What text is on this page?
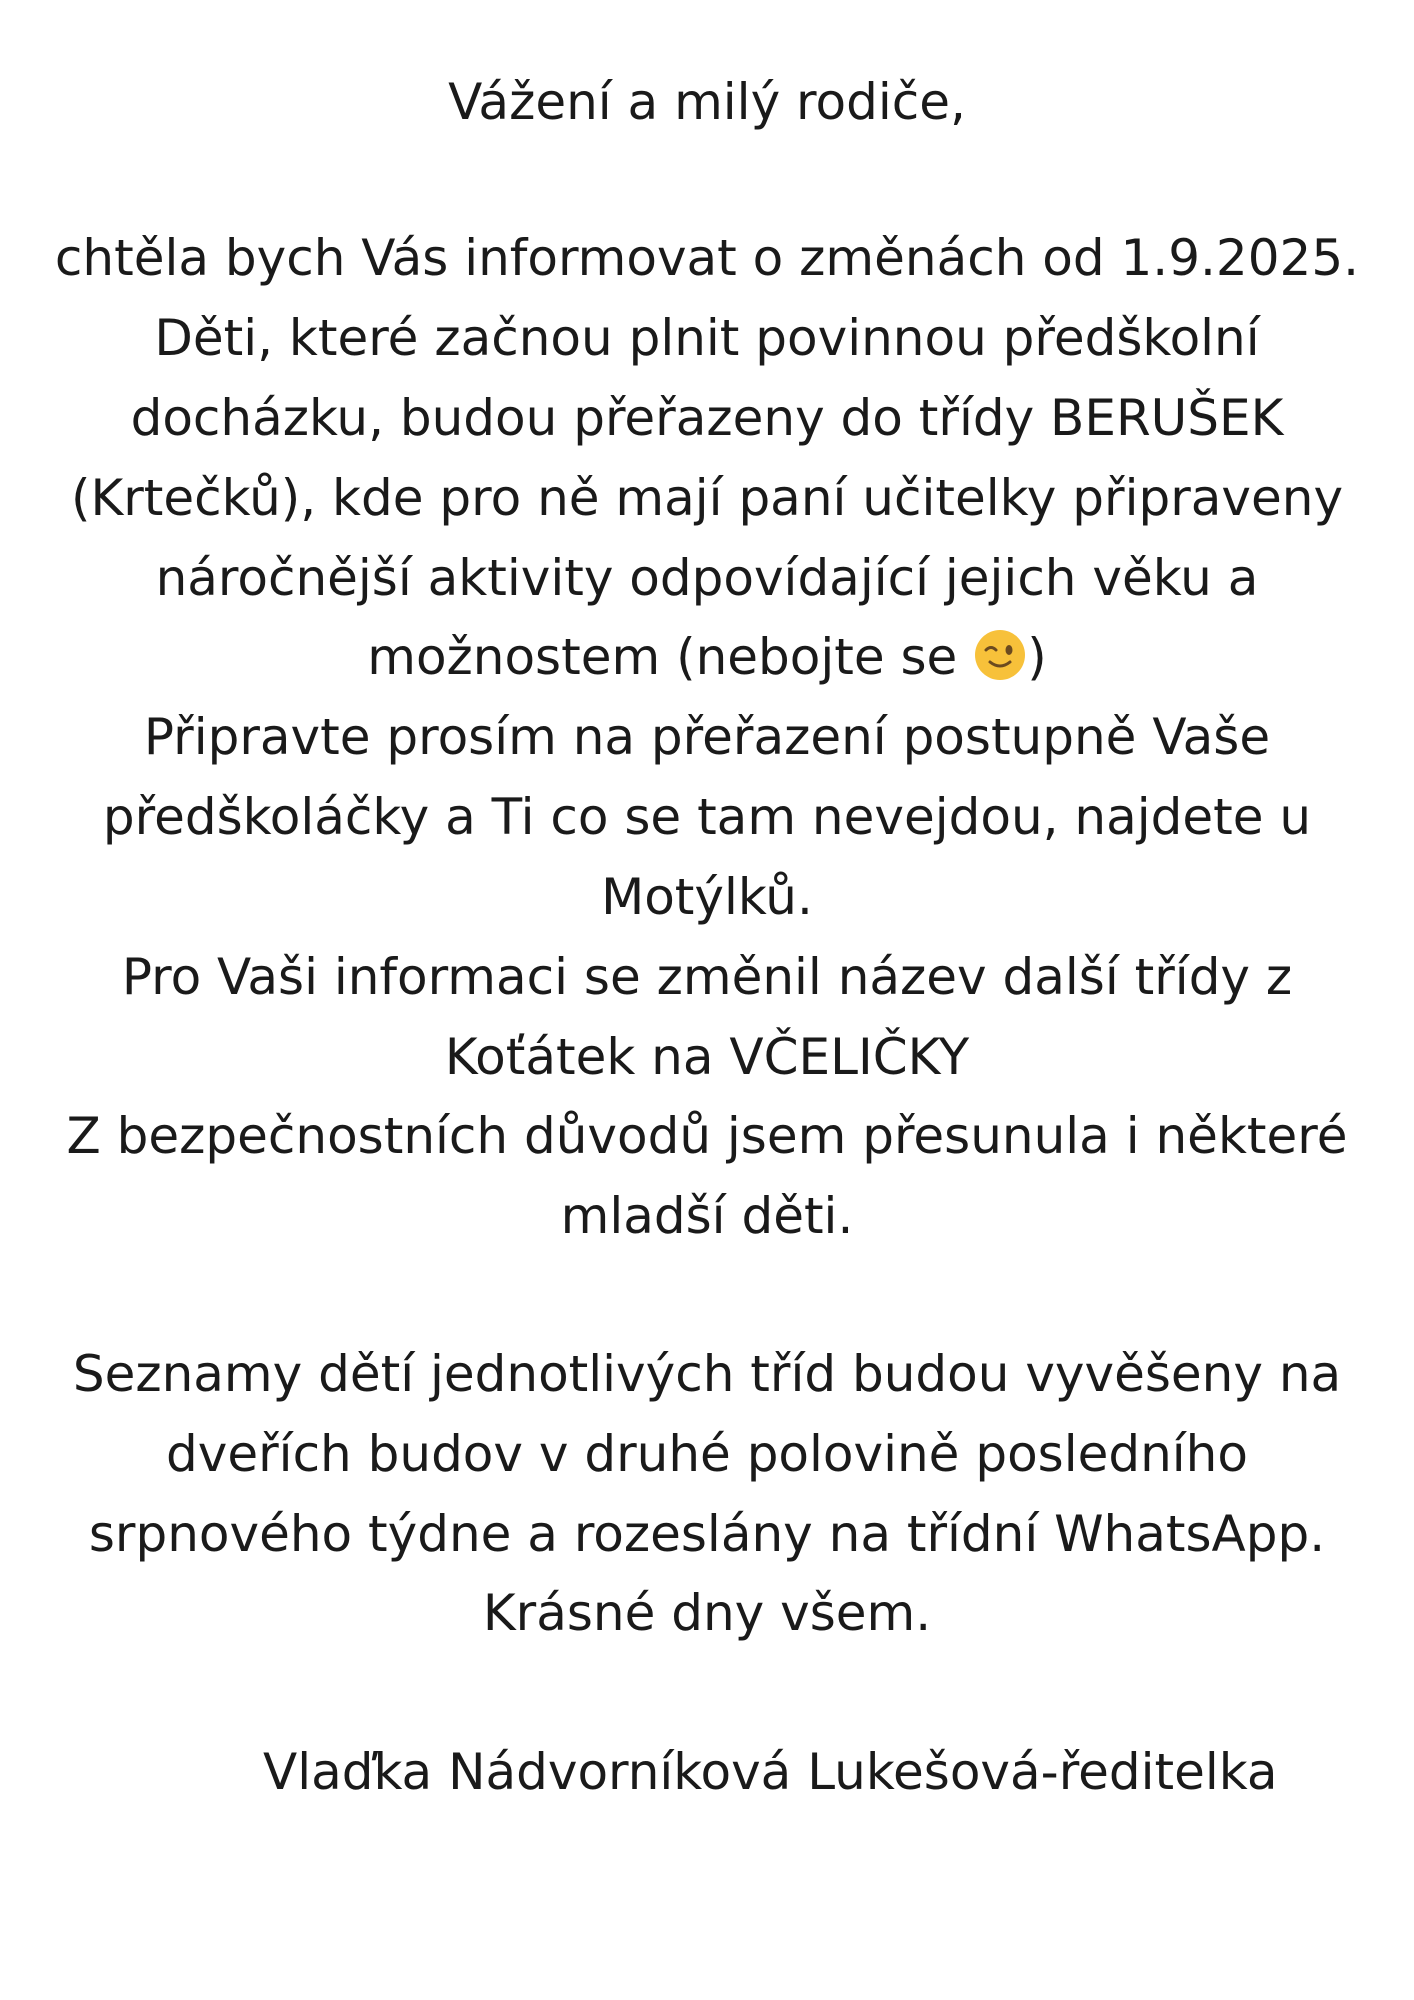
Vážení a milý rodiče,
chtěla bych Vás informovat o změnách od 1.9.2025.
Děti, které začnou plnit povinnou předškolní
docházku, budou přeřazeny do třídy BERUŠEK
(Krtečků), kde pro ně mají paní učitelky připraveny
náročnější aktivity odpovídající jejich věku a
možnostem (nebojte se )
Připravte prosím na přeřazení postupně Vaše
předškoláčky a Ti co se tam nevejdou, najdete u
Motýlků.
Pro Vaši informaci se změnil název další třídy z
Koťátek na VČELIČKY
Z bezpečnostních důvodů jsem přesunula i některé
mladší děti.
Seznamy dětí jednotlivých tříd budou vyvěšeny na
dveřích budov v druhé polovině posledního
srpnového týdne a rozeslány na třídní WhatsApp.
Krásné dny všem.
Vlaďka Nádvorníková Lukešová-ředitelka
